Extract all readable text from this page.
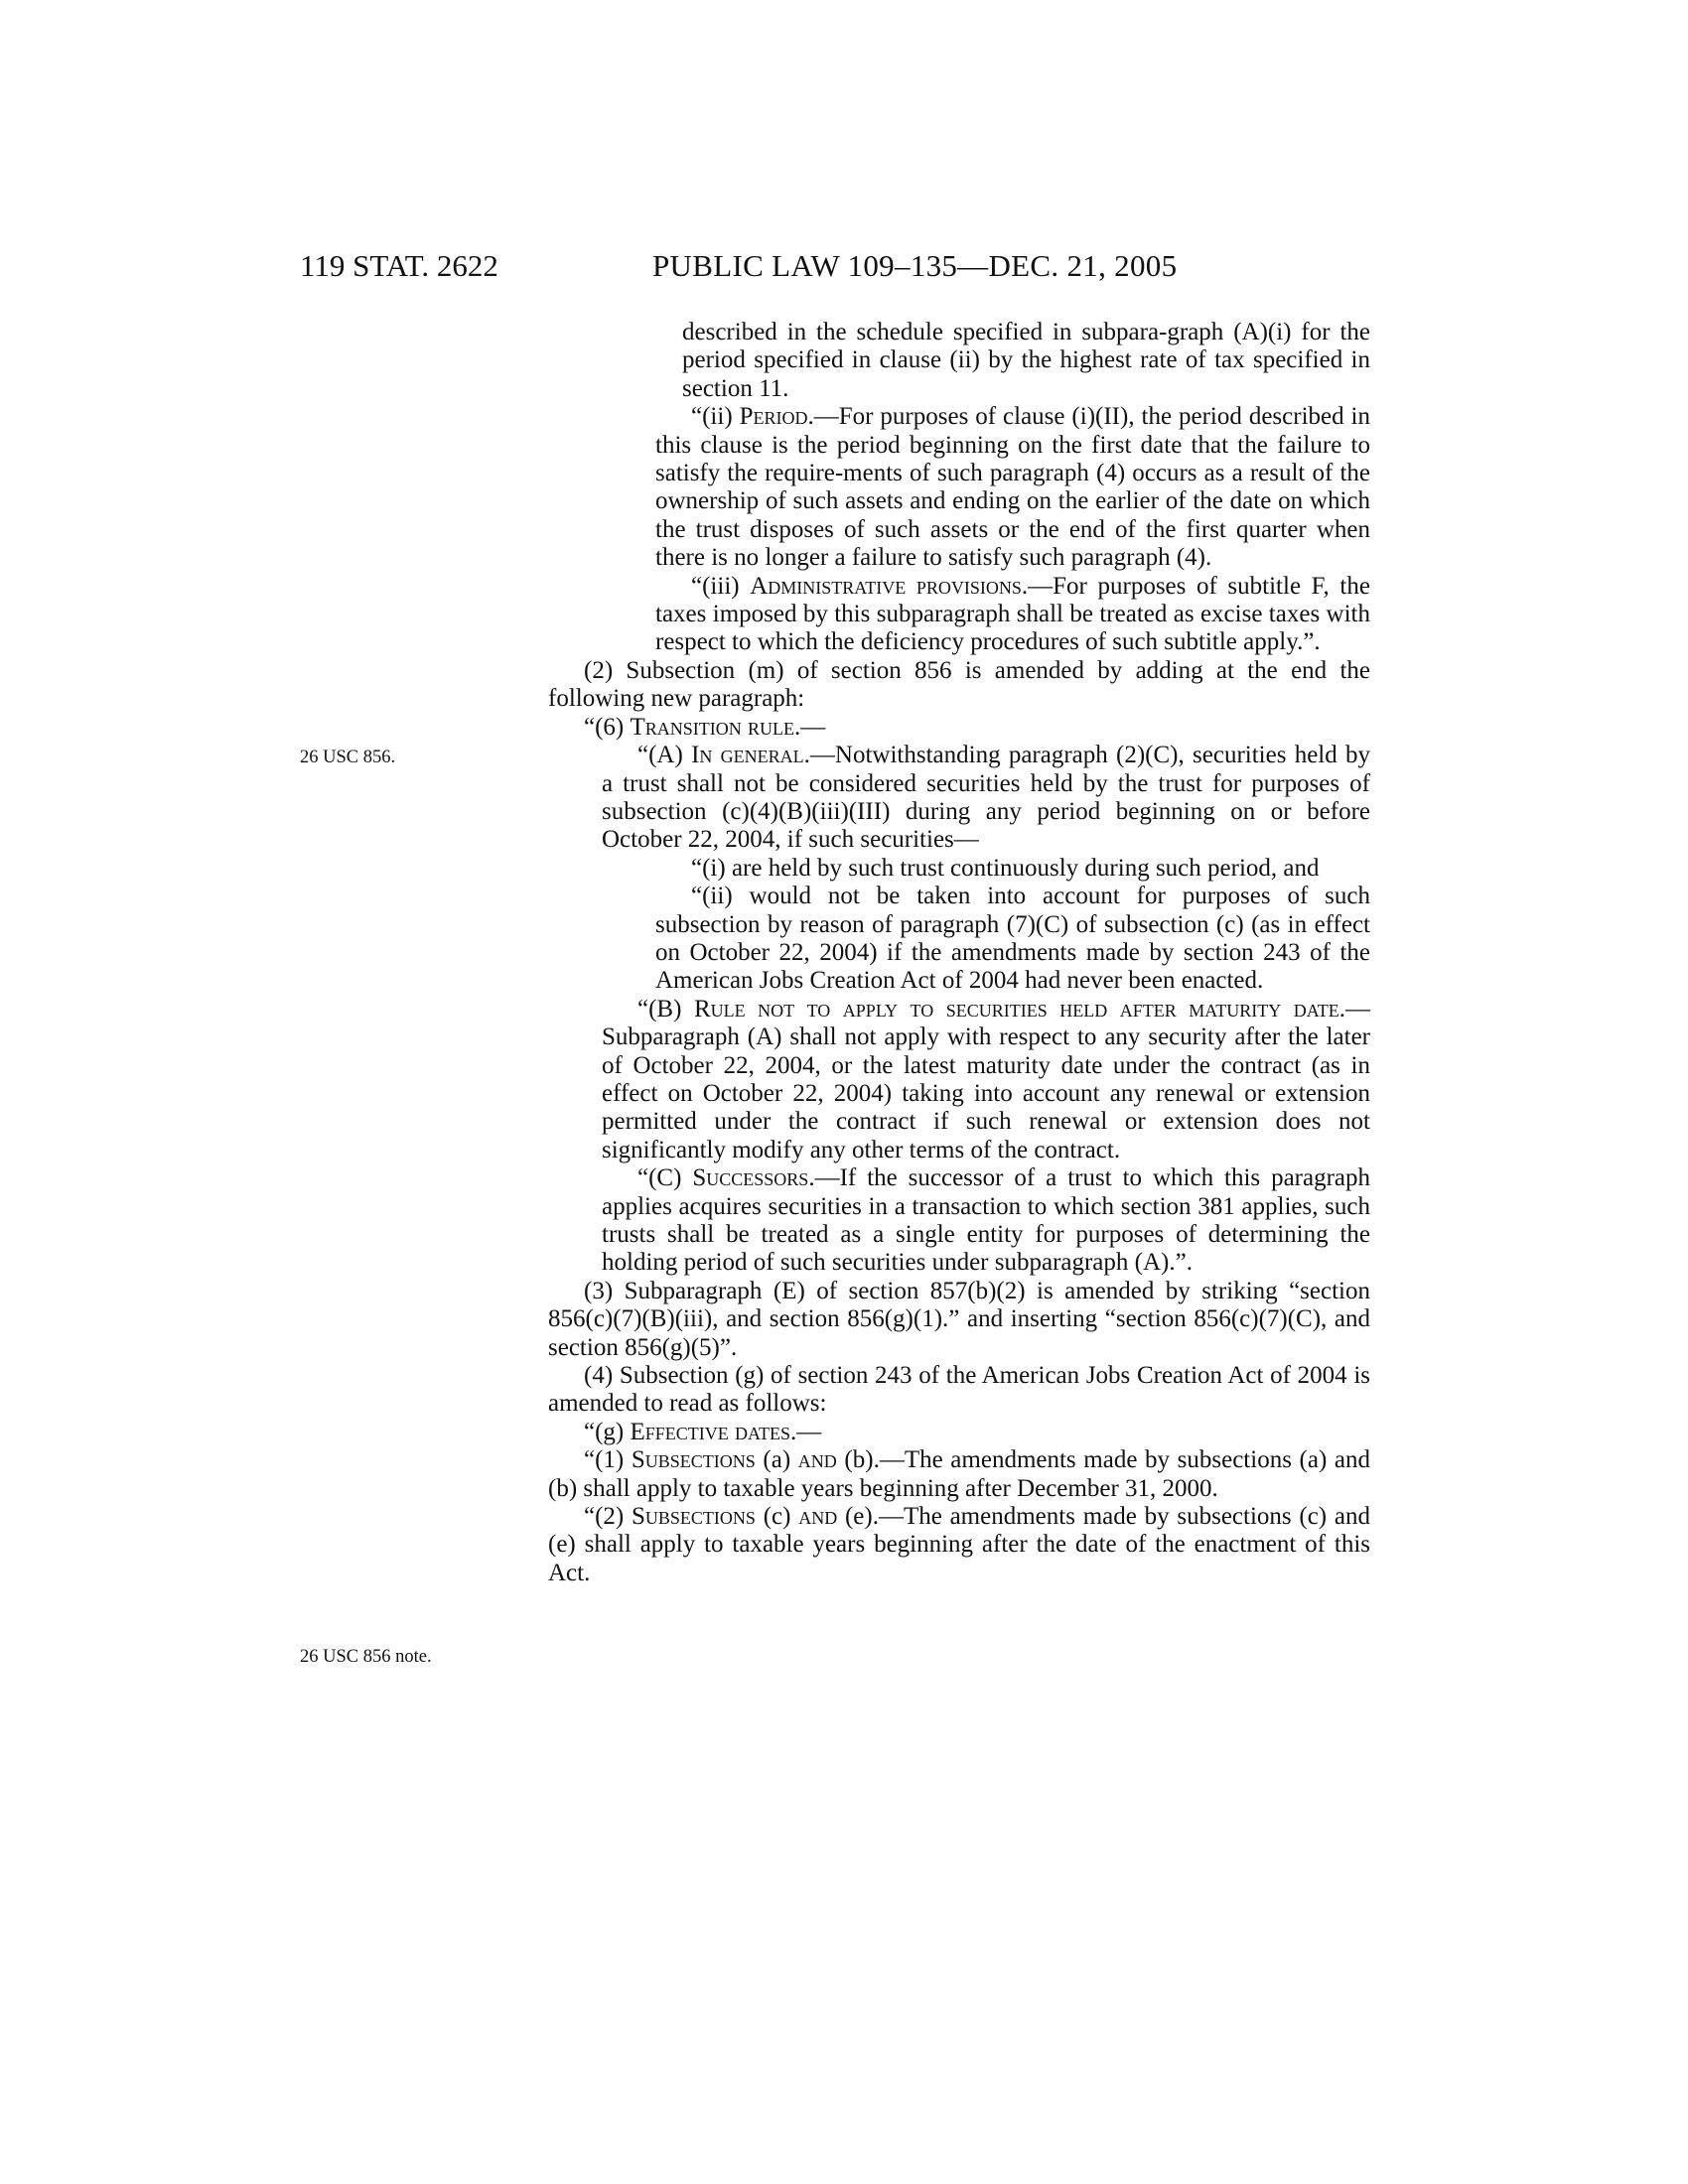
119 STAT. 2622	PUBLIC LAW 109–135—DEC. 21, 2005
26 USC 856.
26 USC 856 note.

described in the schedule specified in subpara-graph (A)(i) for the period specified in clause (ii) by the highest rate of tax specified in section 11.

“(ii) Period.—For purposes of clause (i)(II), the period described in this clause is the period beginning on the first date that the failure to satisfy the require-ments of such paragraph (4) occurs as a result of the ownership of such assets and ending on the earlier of the date on which the trust disposes of such assets or the end of the first quarter when there is no longer a failure to satisfy such paragraph (4).

“(iii) Administrative provisions.—For purposes of subtitle F, the taxes imposed by this subparagraph shall be treated as excise taxes with respect to which the deficiency procedures of such subtitle apply.”.

(2) Subsection (m) of section 856 is amended by adding at the end the following new paragraph:

“(6) Transition rule.—

“(A) In general.—Notwithstanding paragraph (2)(C), securities held by a trust shall not be considered securities held by the trust for purposes of subsection (c)(4)(B)(iii)(III) during any period beginning on or before October 22, 2004, if such securities—

“(i) are held by such trust continuously during such period, and

“(ii) would not be taken into account for purposes of such subsection by reason of paragraph (7)(C) of subsection (c) (as in effect on October 22, 2004) if the amendments made by section 243 of the American Jobs Creation Act of 2004 had never been enacted.

“(B) Rule not to apply to securities held after maturity date.—Subparagraph (A) shall not apply with respect to any security after the later of October 22, 2004, or the latest maturity date under the contract (as in effect on October 22, 2004) taking into account any renewal or extension permitted under the contract if such renewal or extension does not significantly modify any other terms of the contract.

“(C) Successors.—If the successor of a trust to which this paragraph applies acquires securities in a transaction to which section 381 applies, such trusts shall be treated as a single entity for purposes of determining the holding period of such securities under subparagraph (A).”.

(3) Subparagraph (E) of section 857(b)(2) is amended by striking “section 856(c)(7)(B)(iii), and section 856(g)(1).” and inserting “section 856(c)(7)(C), and section 856(g)(5)”.

(4) Subsection (g) of section 243 of the American Jobs Creation Act of 2004 is amended to read as follows:

“(g) Effective dates.—

“(1) Subsections (a) and (b).—The amendments made by subsections (a) and (b) shall apply to taxable years beginning after December 31, 2000.

“(2) Subsections (c) and (e).—The amendments made by subsections (c) and (e) shall apply to taxable years beginning after the date of the enactment of this Act.
